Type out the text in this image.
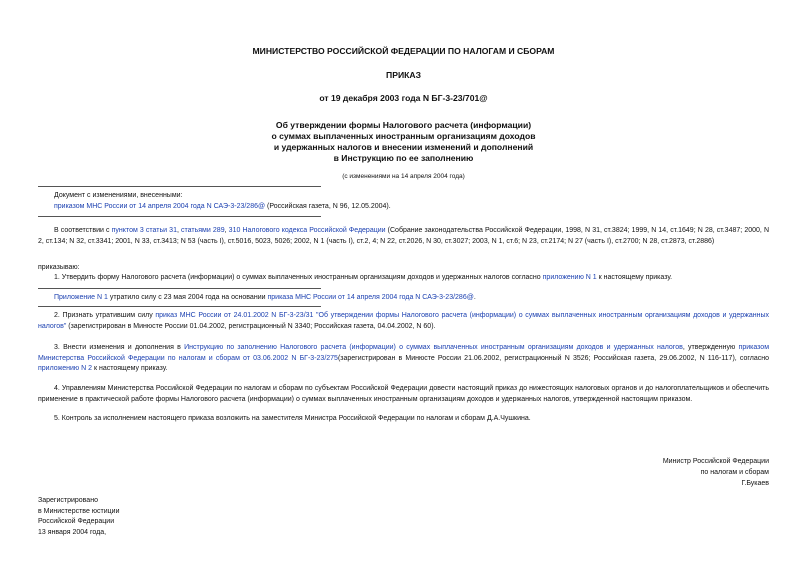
МИНИСТЕРСТВО РОССИЙСКОЙ ФЕДЕРАЦИИ ПО НАЛОГАМ И СБОРАМ
ПРИКАЗ
от 19 декабря 2003 года N БГ-3-23/701@
Об утверждении формы Налогового расчета (информации)
о суммах выплаченных иностранным организациям доходов
и удержанных налогов и внесении изменений и дополнений
в Инструкцию по ее заполнению
(с изменениями на 14 апреля 2004 года)
Документ с изменениями, внесенными:
приказом МНС России от 14 апреля 2004 года N САЭ-3-23/286@ (Российская газета, N 96, 12.05.2004).
В соответствии с пунктом 3 статьи 31, статьями 289, 310 Налогового кодекса Российской Федерации (Собрание законодательства Российской Федерации, 1998, N 31, ст.3824; 1999, N 14, ст.1649; N 28, ст.3487; 2000, N 2, ст.134; N 32, ст.3341; 2001, N 33, ст.3413; N 53 (часть I), ст.5016, 5023, 5026; 2002, N 1 (часть I), ст.2, 4; N 22, ст.2026, N 30, ст.3027; 2003, N 1, ст.6; N 23, ст.2174; N 27 (часть I), ст.2700; N 28, ст.2873, ст.2886)
приказываю:
1. Утвердить форму Налогового расчета (информации) о суммах выплаченных иностранным организациям доходов и удержанных налогов согласно приложению N 1 к настоящему приказу.
Приложение N 1 утратило силу с 23 мая 2004 года на основании приказа МНС России от 14 апреля 2004 года N САЭ-3-23/286@.
2. Признать утратившим силу приказ МНС России от 24.01.2002 N БГ-3-23/31 "Об утверждении формы Налогового расчета (информации) о суммах выплаченных иностранным организациям доходов и удержанных налогов" (зарегистрирован в Минюсте России 01.04.2002, регистрационный N 3340; Российская газета, 04.04.2002, N 60).
3. Внести изменения и дополнения в Инструкцию по заполнению Налогового расчета (информации) о суммах выплаченных иностранным организациям доходов и удержанных налогов, утвержденную приказом Министерства Российской Федерации по налогам и сборам от 03.06.2002 N БГ-3-23/275(зарегистрирован в Минюсте России 21.06.2002, регистрационный N 3526; Российская газета, 29.06.2002, N 116-117), согласно приложению N 2 к настоящему приказу.
4. Управлениям Министерства Российской Федерации по налогам и сборам по субъектам Российской Федерации довести настоящий приказ до нижестоящих налоговых органов и до налогоплательщиков и обеспечить применение в практической работе формы Налогового расчета (информации) о суммах выплаченных иностранным организациям доходов и удержанных налогов, утвержденной настоящим приказом.
5. Контроль за исполнением настоящего приказа возложить на заместителя Министра Российской Федерации по налогам и сборам Д.А.Чушкина.
Министр Российской Федерации
по налогам и сборам
Г.Букаев
Зарегистрировано
в Министерстве юстиции
Российской Федерации
13 января 2004 года,
